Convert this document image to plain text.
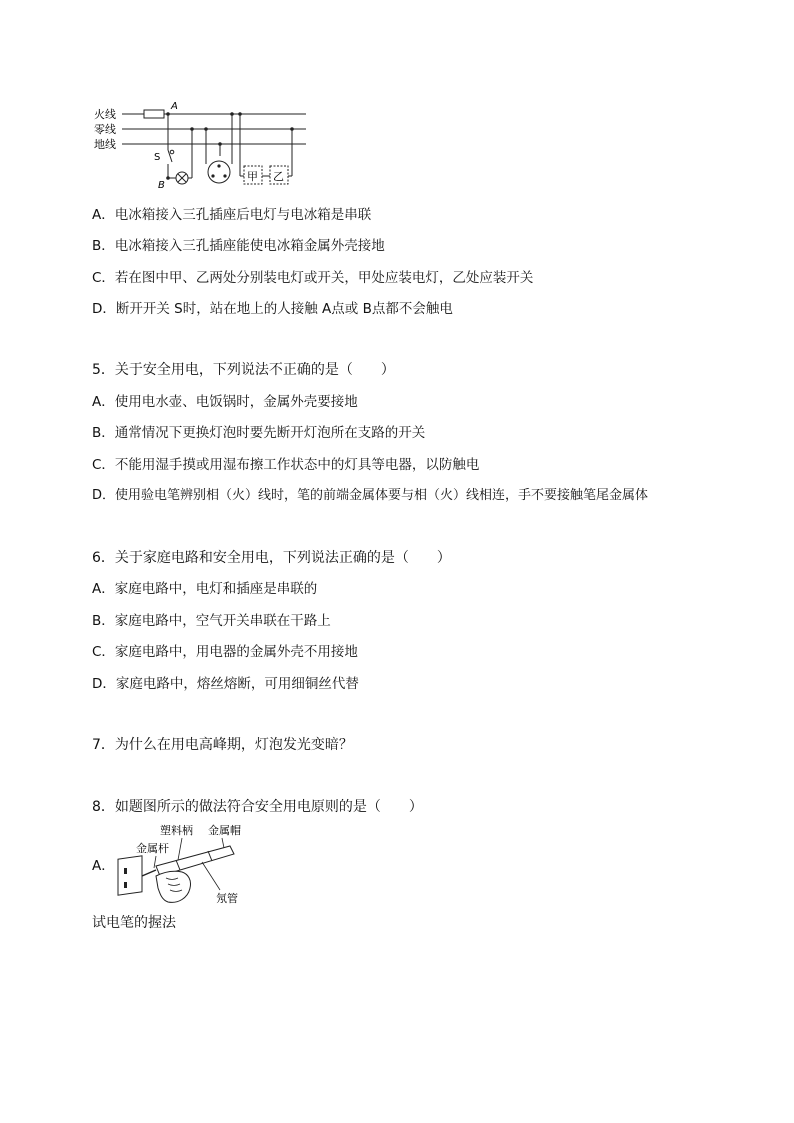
火线
零线
地线
A
S
B
甲 乙
A．电冰箱接入三孔插座后电灯与电冰箱是串联
B．电冰箱接入三孔插座能使电冰箱金属外壳接地
C．若在图中甲、乙两处分别装电灯或开关，甲处应装电灯，乙处应装开关
D．断开开关 S时，站在地上的人接触 A点或 B点都不会触电
5．关于安全用电，下列说法不正确的是（　　）
A．使用电水壶、电饭锅时，金属外壳要接地
B．通常情况下更换灯泡时要先断开灯泡所在支路的开关
C．不能用湿手摸或用湿布擦工作状态中的灯具等电器，以防触电
D．使用验电笔辨别相（火）线时，笔的前端金属体要与相（火）线相连，手不要接触笔尾金属体
6．关于家庭电路和安全用电，下列说法正确的是（　　）
A．家庭电路中，电灯和插座是串联的
B．家庭电路中，空气开关串联在干路上
C．家庭电路中，用电器的金属外壳不用接地
D．家庭电路中，熔丝熔断，可用细铜丝代替
7．为什么在用电高峰期，灯泡发光变暗？
8．如题图所示的做法符合安全用电原则的是（　　）
A．
塑料柄 金属帽
金属杆
氖管
试电笔的握法
